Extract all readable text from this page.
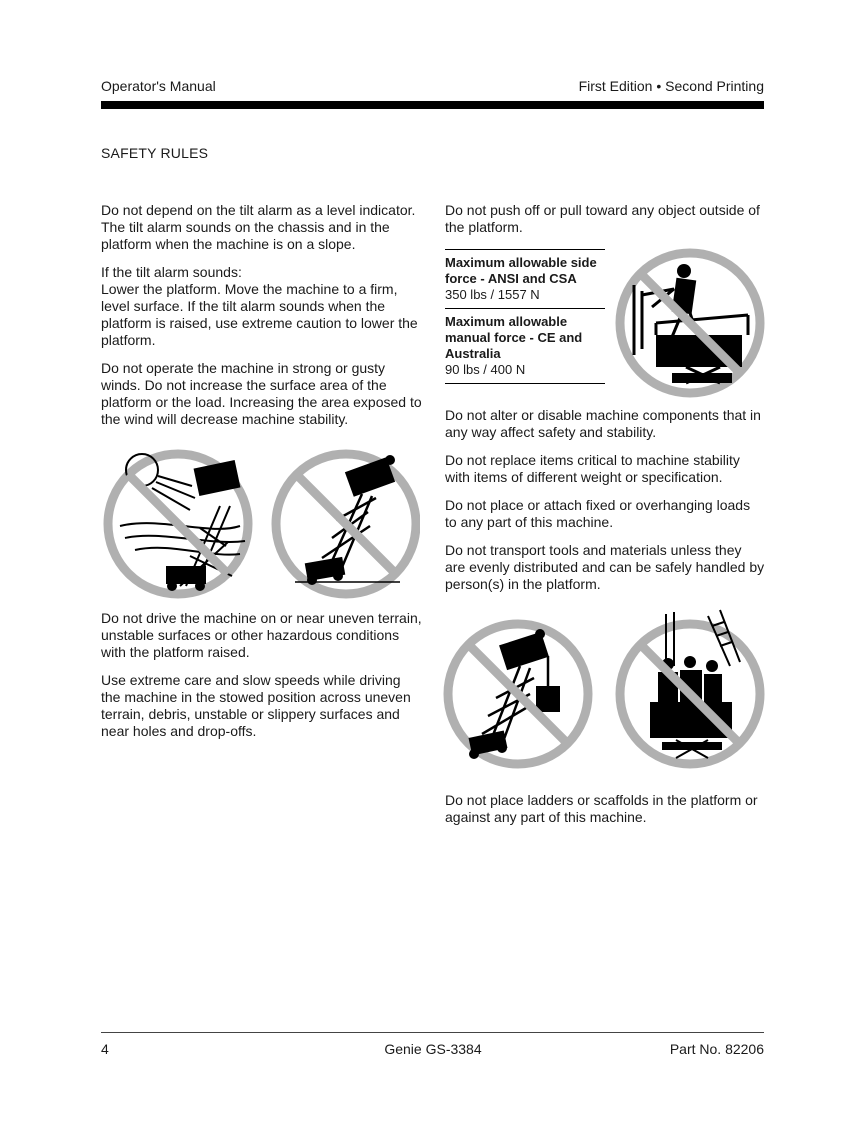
Operator's Manual	First Edition • Second Printing
SAFETY RULES

Do not depend on the tilt alarm as a level indicator. The tilt alarm sounds on the chassis and in the platform when the machine is on a slope.

If the tilt alarm sounds:
Lower the platform. Move the machine to a firm, level surface. If the tilt alarm sounds when the platform is raised, use extreme caution to lower the platform.

Do not operate the machine in strong or gusty winds. Do not increase the surface area of the platform or the load. Increasing the area exposed to the wind will decrease machine stability.

Do not drive the machine on or near uneven terrain, unstable surfaces or other hazardous conditions with the platform raised.

Use extreme care and slow speeds while driving the machine in the stowed position across uneven terrain, debris, unstable or slippery surfaces and near holes and drop-offs.

Do not push off or pull toward any object outside of the platform.

Maximum allowable side force - ANSI and CSA
350 lbs / 1557 N
Maximum allowable manual force - CE and Australia
90 lbs / 400 N

Do not alter or disable machine components that in any way affect safety and stability.

Do not replace items critical to machine stability with items of different weight or specification.

Do not place or attach fixed or overhanging loads to any part of this machine.

Do not transport tools and materials unless they are evenly distributed and can be safely handled by person(s) in the platform.

Do not place ladders or scaffolds in the platform or against any part of this machine.

4	Genie GS-3384	Part No. 82206
